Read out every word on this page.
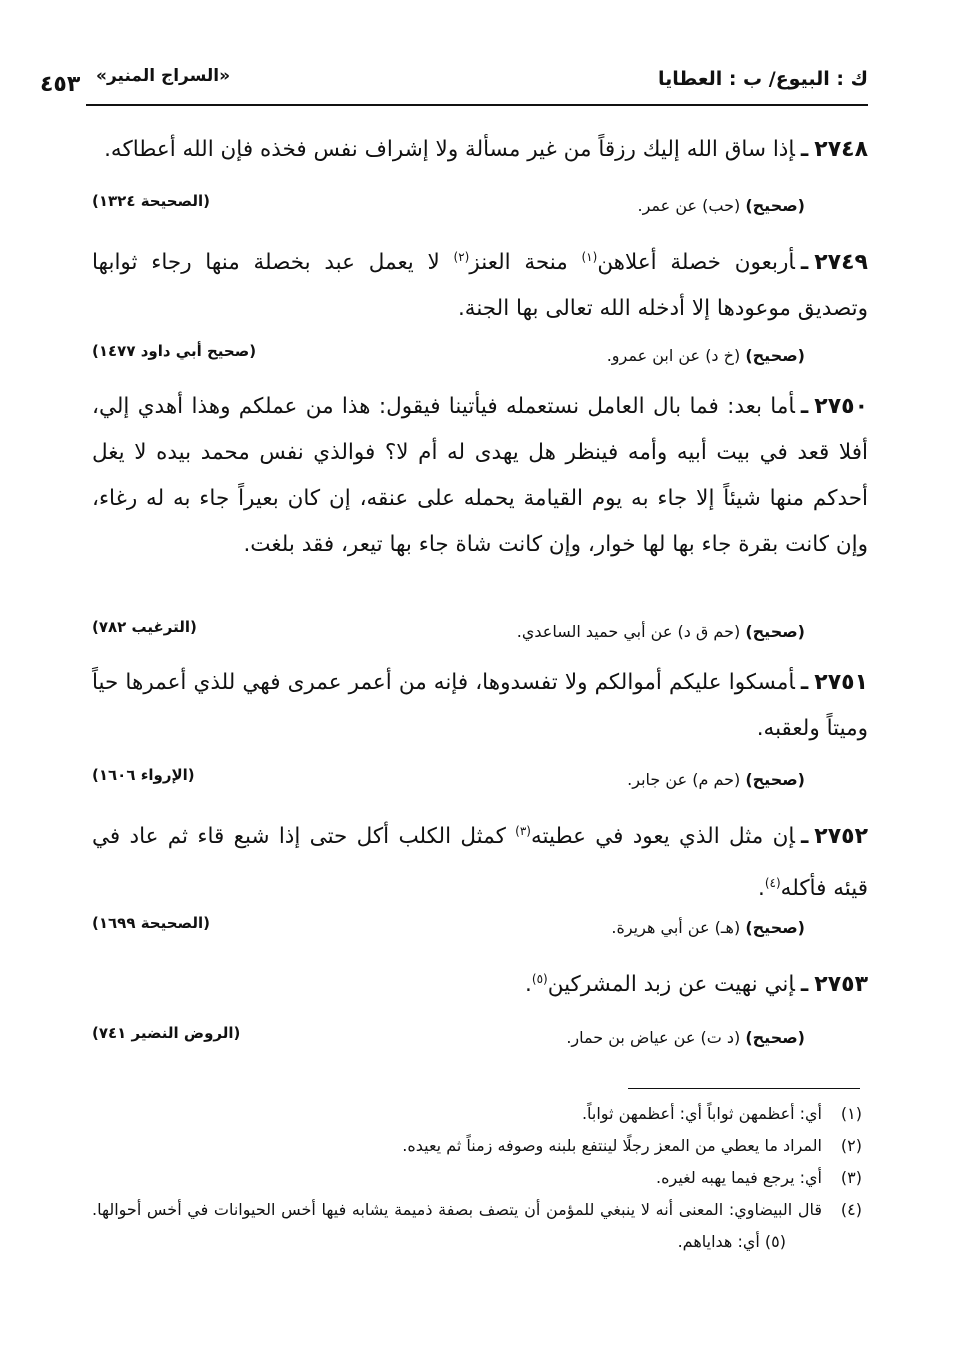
ك : البيوع/ ب : العطايا
«السراج المنير»
٤٥٣
٢٧٤٨ـإذا ساق الله إليك رزقاً من غير مسألة ولا إشراف نفس فخذه فإن الله أعطاكه.
(صحيح) (حب) عن عمر.
(الصحيحة ١٣٢٤)
٢٧٤٩ـأربعون خصلة أعلاهن$^{(١)}$ منحة العنز$^{(٢)}$ لا يعمل عبد بخصلة منها رجاء ثوابها وتصديق موعودها إلا أدخله الله تعالى بها الجنة.
(صحيح) (خ د) عن ابن عمرو.
(صحيح أبي داود ١٤٧٧)
٢٧٥٠ـأما بعد: فما بال العامل نستعمله فيأتينا فيقول: هذا من عملكم وهذا أهدي إلي، أفلا قعد في بيت أبيه وأمه فينظر هل يهدى له أم لا؟ فوالذي نفس محمد بيده لا يغل أحدكم منها شيئاً إلا جاء به يوم القيامة يحمله على عنقه، إن كان بعيراً جاء به له رغاء، وإن كانت بقرة جاء بها لها خوار، وإن كانت شاة جاء بها تيعر، فقد بلغت.
(صحيح) (حم ق د) عن أبي حميد الساعدي.
(الترغيب ٧٨٢)
٢٧٥١ـأمسكوا عليكم أموالكم ولا تفسدوها، فإنه من أعمر عمرى فهي للذي أعمرها حياً وميتاً ولعقبه.
(صحيح) (حم م) عن جابر.
(الإرواء ١٦٠٦)
٢٧٥٢ـإن مثل الذي يعود في عطيته$^{(٣)}$ كمثل الكلب أكل حتى إذا شبع قاء ثم عاد في قيئه فأكله$^{(٤)}$.
(صحيح) (هـ) عن أبي هريرة.
(الصحيحة ١٦٩٩)
٢٧٥٣ـإني نهيت عن زبد المشركين$^{(٥)}$.
(صحيح) (د ت) عن عياض بن حمار.
(الروض النضير ٧٤١)
(١)
أي: أعظمهن ثواباً أي: أعظمهن ثواباً.
(٢)
المراد ما يعطي من المعز رجلًا لينتفع بلبنه وصوفه زمناً ثم يعيده.
(٣)
أي: يرجع فيما يهبه لغيره.
(٤)
قال البيضاوي: المعنى أنه لا ينبغي للمؤمن أن يتصف بصفة ذميمة يشابه فيها أخس الحيوانات في أخس أحوالها. (٥) أي: هداياهم.
